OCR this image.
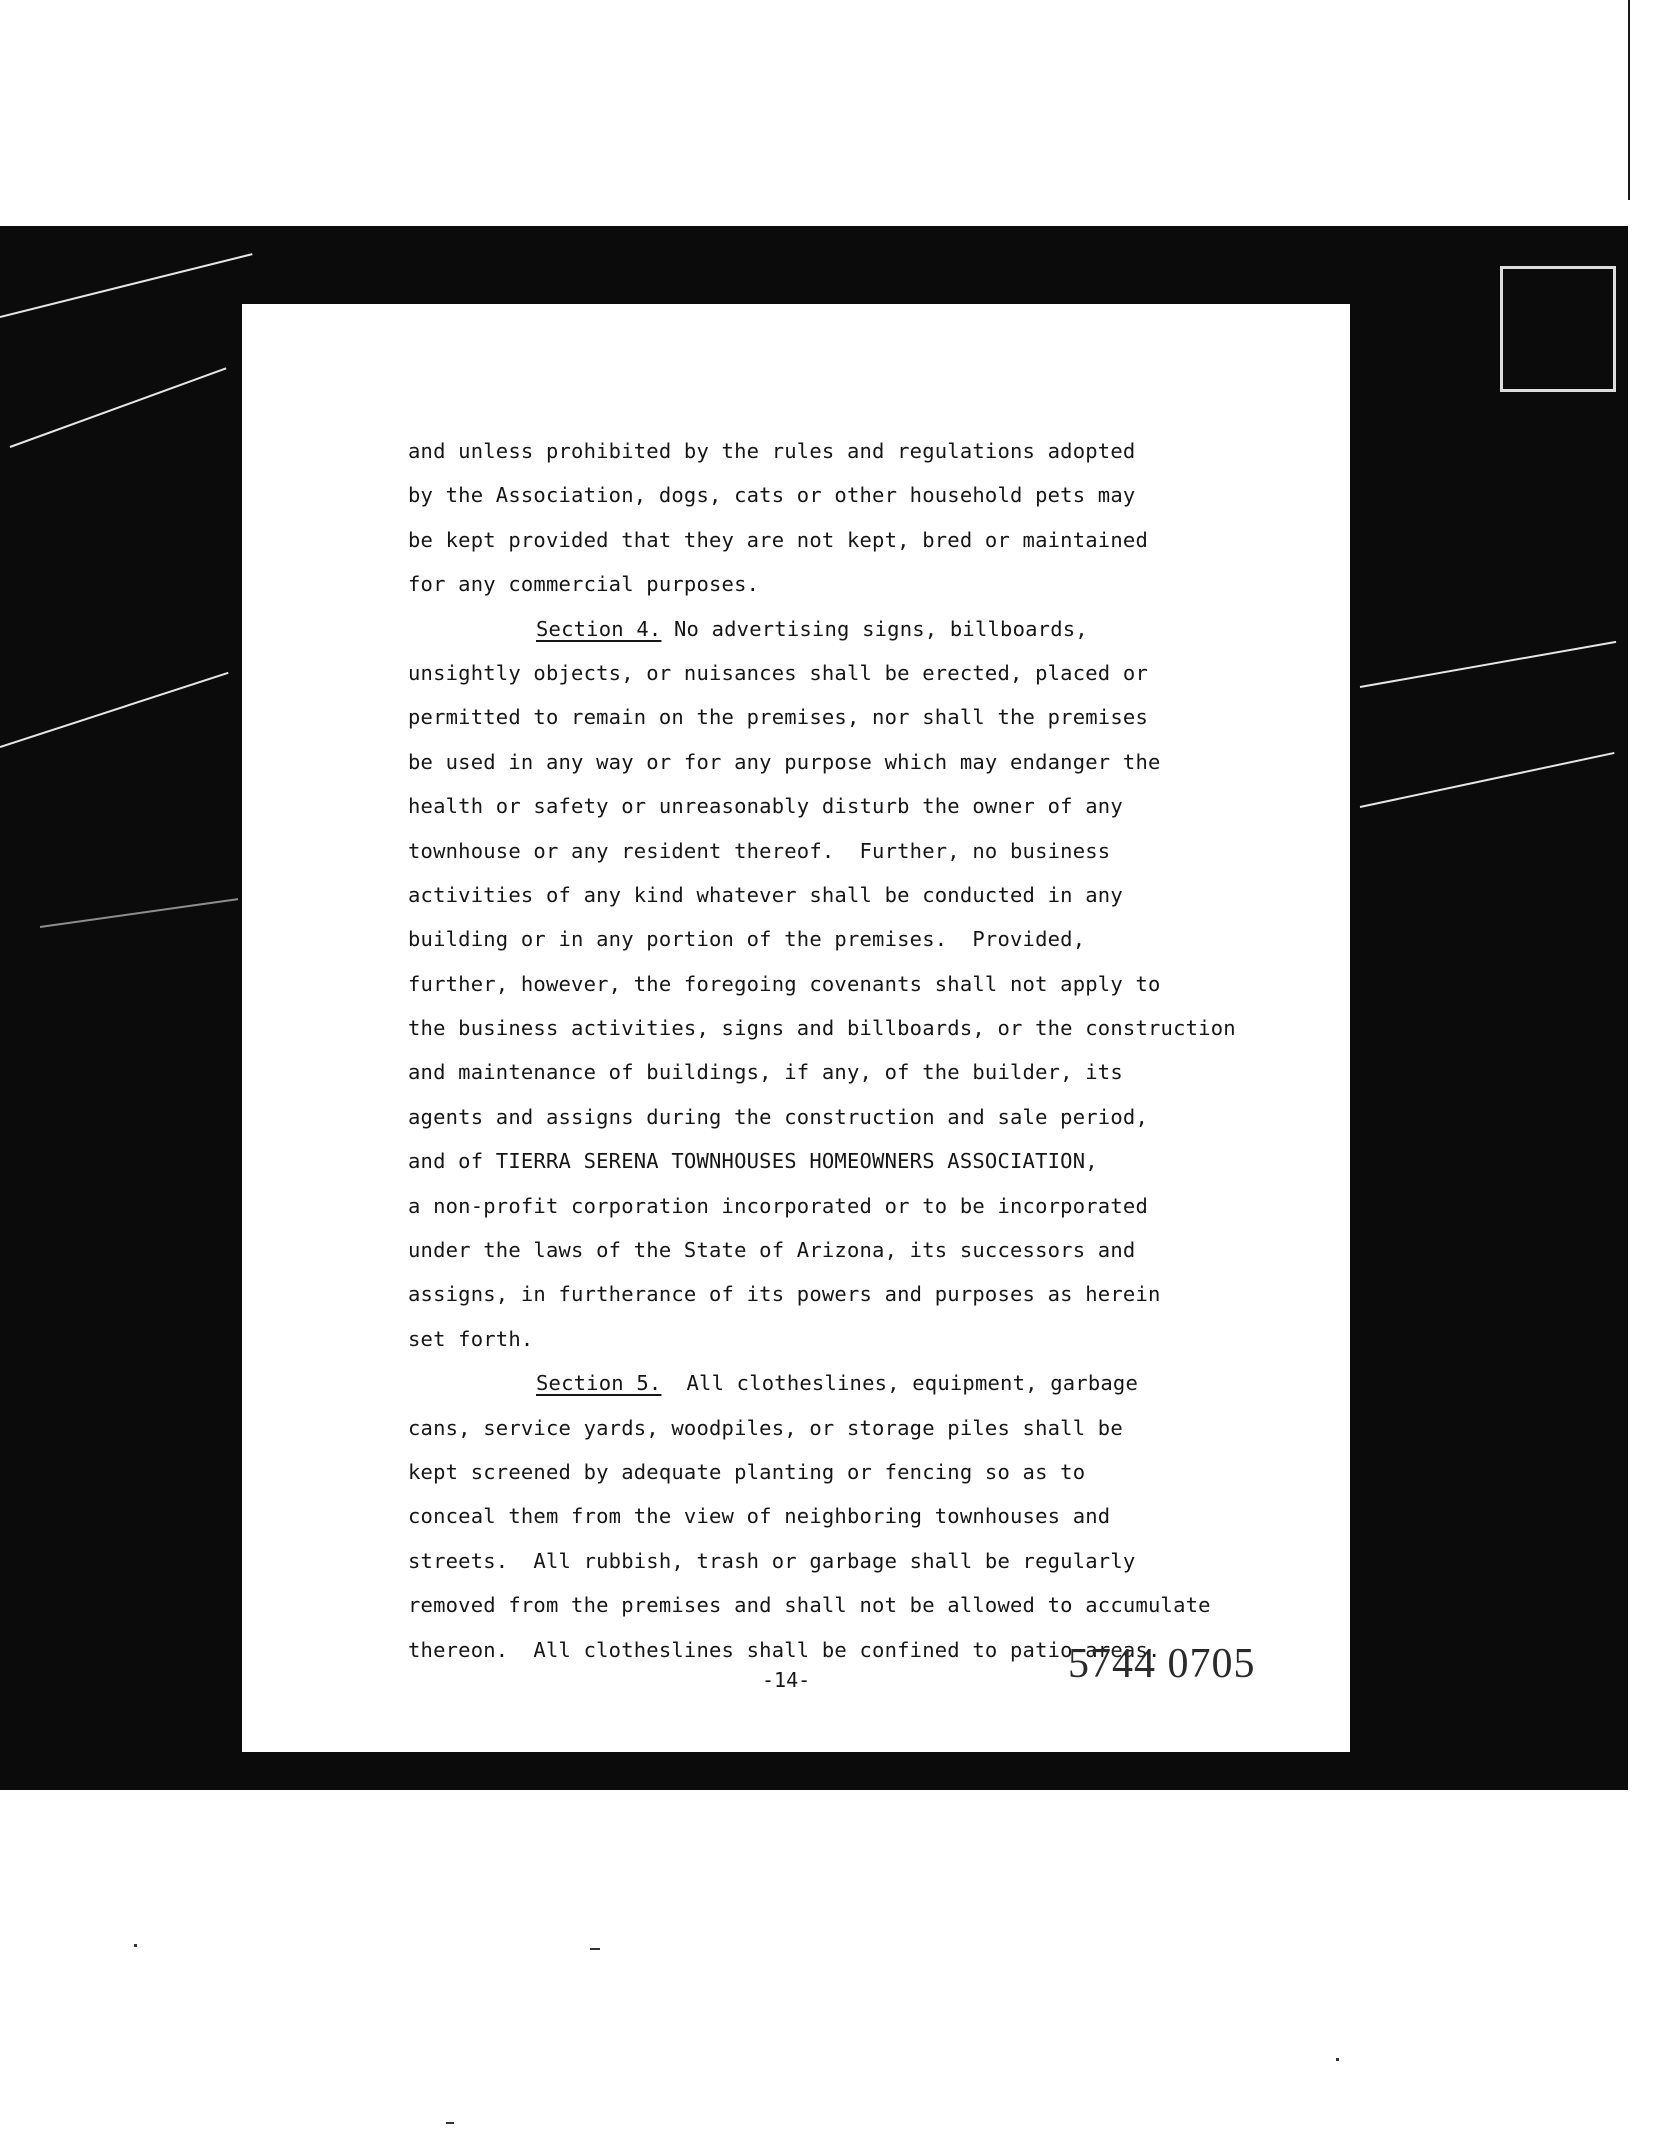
and unless prohibited by the rules and regulations adopted
by the Association, dogs, cats or other household pets may
be kept provided that they are not kept, bred or maintained
for any commercial purposes.
Section 4. No advertising signs, billboards,
unsightly objects, or nuisances shall be erected, placed or
permitted to remain on the premises, nor shall the premises
be used in any way or for any purpose which may endanger the
health or safety or unreasonably disturb the owner of any
townhouse or any resident thereof.  Further, no business
activities of any kind whatever shall be conducted in any
building or in any portion of the premises.  Provided,
further, however, the foregoing covenants shall not apply to
the business activities, signs and billboards, or the construction
and maintenance of buildings, if any, of the builder, its
agents and assigns during the construction and sale period,
and of TIERRA SERENA TOWNHOUSES HOMEOWNERS ASSOCIATION,
a non-profit corporation incorporated or to be incorporated
under the laws of the State of Arizona, its successors and
assigns, in furtherance of its powers and purposes as herein
set forth.
Section 5.  All clotheslines, equipment, garbage
cans, service yards, woodpiles, or storage piles shall be
kept screened by adequate planting or fencing so as to
conceal them from the view of neighboring townhouses and
streets.  All rubbish, trash or garbage shall be regularly
removed from the premises and shall not be allowed to accumulate
thereon.  All clotheslines shall be confined to patio areas.
-14-	5744 0705
